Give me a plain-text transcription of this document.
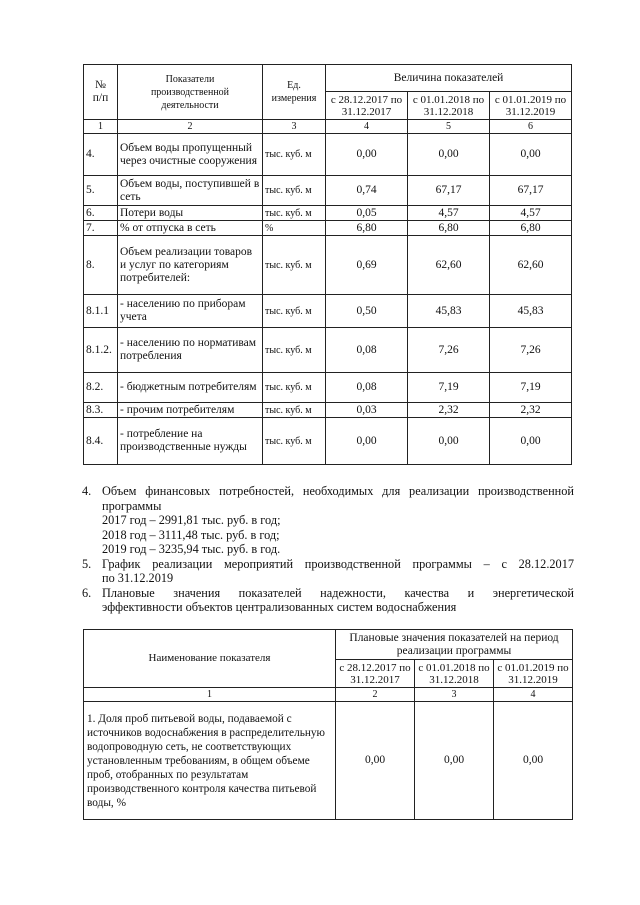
№ п/п	Показатели производственной деятельности	Ед. измерения	Величина показателей		
			с 28.12.2017 по 31.12.2017	с 01.01.2018 по 31.12.2018	с 01.01.2019 по 31.12.2019
1	2	3	4	5	6
4.	Объем воды пропущенный через очистные сооружения	тыс. куб. м	0,00	0,00	0,00
5.	Объем воды, поступившей в сеть	тыс. куб. м	0,74	67,17	67,17
6.	Потери воды	тыс. куб. м	0,05	4,57	4,57
7.	% от отпуска в сеть	%	6,80	6,80	6,80
8.	Объем реализации товаров и услуг по категориям потребителей:	тыс. куб. м	0,69	62,60	62,60
8.1.1	- населению по приборам учета	тыс. куб. м	0,50	45,83	45,83
8.1.2.	- населению по нормативам потребления	тыс. куб. м	0,08	7,26	7,26
8.2.	- бюджетным потребителям	тыс. куб. м	0,08	7,19	7,19
8.3.	- прочим потребителям	тыс. куб. м	0,03	2,32	2,32
8.4.	- потребление на производственные нужды	тыс. куб. м	0,00	0,00	0,00
4. Объем финансовых потребностей, необходимых для реализации производственной
программы
2017 год – 2991,81 тыс. руб. в год;
2018 год – 3111,48 тыс. руб. в год;
2019 год – 3235,94 тыс. руб. в год.
5. График реализации мероприятий производственной программы – с 28.12.2017
по 31.12.2019
6. Плановые значения показателей надежности, качества и энергетической
эффективности объектов централизованных систем водоснабжения
Наименование показателя	Плановые значения показателей на период реализации программы		
	с 28.12.2017 по 31.12.2017	с 01.01.2018 по 31.12.2018	с 01.01.2019 по 31.12.2019
1	2	3	4
1. Доля проб питьевой воды, подаваемой с источников водоснабжения в распределительную водопроводную сеть, не соответствующих установленным требованиям, в общем объеме проб, отобранных по результатам производственного контроля качества питьевой воды, %	0,00	0,00	0,00
